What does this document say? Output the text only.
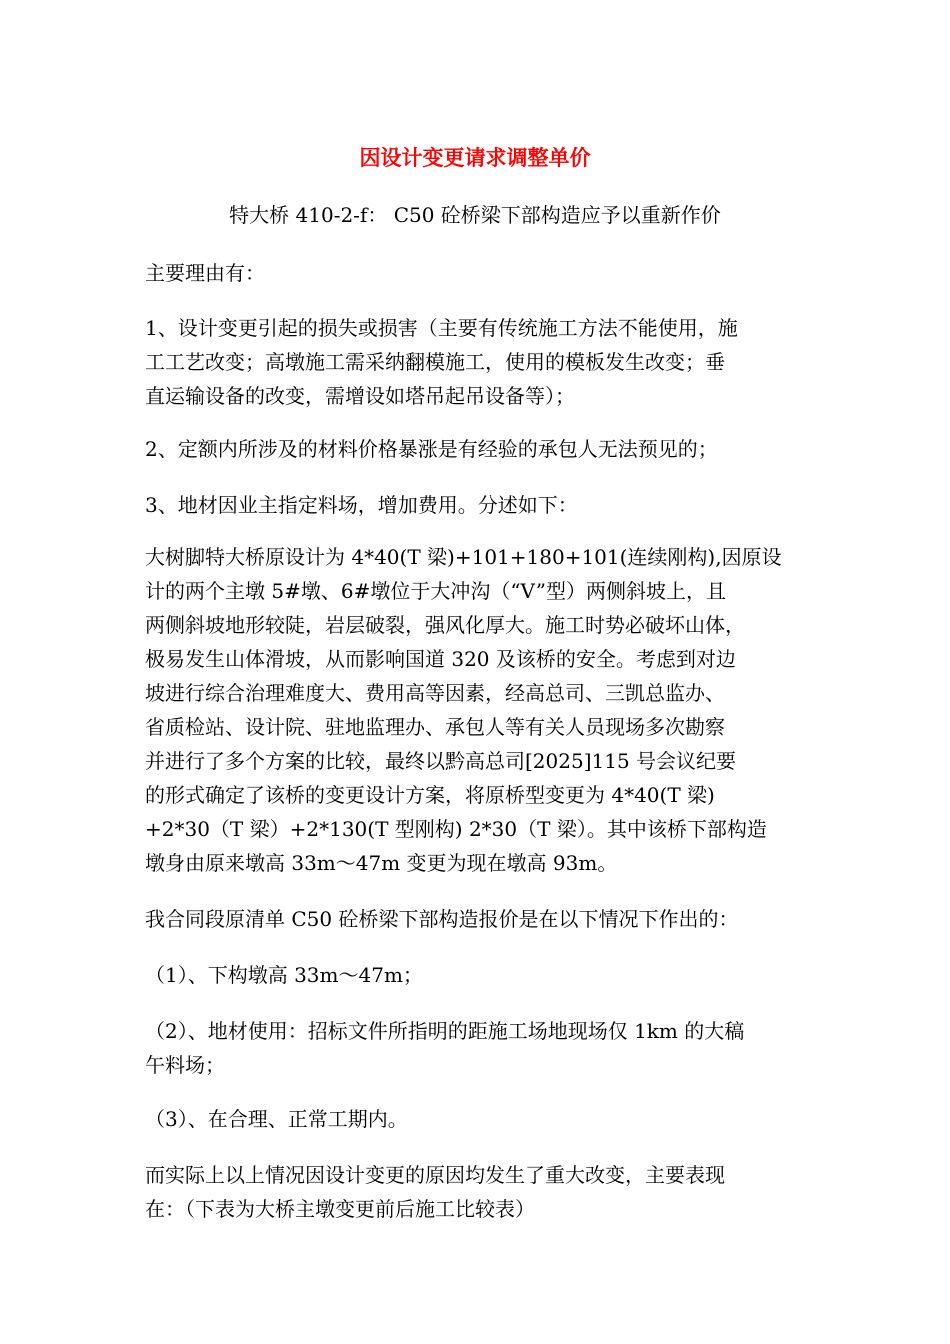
因设计变更请求调整单价

特大桥 410-2-f： C50 砼桥梁下部构造应予以重新作价

主要理由有：

1、设计变更引起的损失或损害（主要有传统施工方法不能使用，施
工工艺改变；高墩施工需采纳翻模施工，使用的模板发生改变；垂
直运输设备的改变，需增设如塔吊起吊设备等）；

2、定额内所涉及的材料价格暴涨是有经验的承包人无法预见的；

3、地材因业主指定料场，增加费用。分述如下：

大树脚特大桥原设计为 4*40(T 梁)+101+180+101(连续刚构),因原设
计的两个主墩 5#墩、6#墩位于大冲沟（“V”型）两侧斜坡上，且
两侧斜坡地形较陡，岩层破裂，强风化厚大。施工时势必破坏山体，
极易发生山体滑坡，从而影响国道 320 及该桥的安全。考虑到对边
坡进行综合治理难度大、费用高等因素，经高总司、三凯总监办、
省质检站、设计院、驻地监理办、承包人等有关人员现场多次勘察
并进行了多个方案的比较，最终以黔高总司[2025]115 号会议纪要
的形式确定了该桥的变更设计方案，将原桥型变更为 4*40(T 梁)
+2*30（T 梁）+2*130(T 型刚构) 2*30（T 梁）。其中该桥下部构造
墩身由原来墩高 33m～47m 变更为现在墩高 93m。

我合同段原清单 C50 砼桥梁下部构造报价是在以下情况下作出的：

（1）、下构墩高 33m～47m；

（2）、地材使用：招标文件所指明的距施工场地现场仅 1km 的大稿
午料场；

（3）、在合理、正常工期内。

而实际上以上情况因设计变更的原因均发生了重大改变，主要表现
在：（下表为大桥主墩变更前后施工比较表）
